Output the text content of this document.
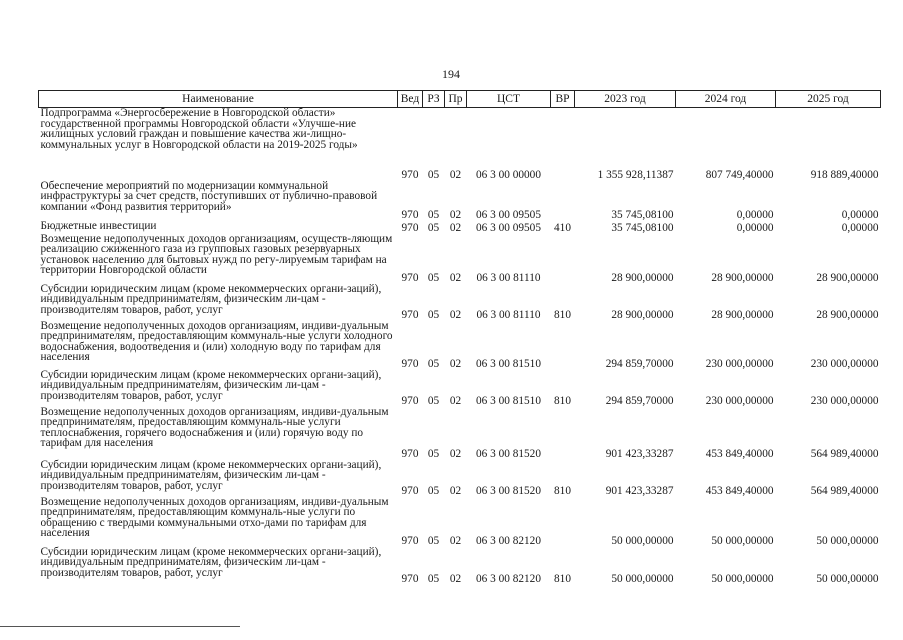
194
Наименование	Вед	РЗ	Пр	ЦСТ	ВР	2023 год	2024 год	2025 год
Подпрограмма «Энергосбережение в Новгородской области» государственной программы Новгородской области «Улучше-ние жилищных условий граждан и повышение качества жи-лищно-коммунальных услуг в Новгородской области на 2019-2025 годы»	970	05	02	06 3 00 00000		1 355 928,11387	807 749,40000	918 889,40000
Обеспечение мероприятий по модернизации коммунальной инфраструктуры за счет средств, поступивших от публично-правовой компании «Фонд развития территорий»	970	05	02	06 3 00 09505		35 745,08100	0,00000	0,00000
Бюджетные инвестиции	970	05	02	06 3 00 09505	410	35 745,08100	0,00000	0,00000
Возмещение недополученных доходов организациям, осуществ-ляющим реализацию сжиженного газа из групповых газовых резервуарных установок населению для бытовых нужд по регу-лируемым тарифам на территории Новгородской области	970	05	02	06 3 00 81110		28 900,00000	28 900,00000	28 900,00000
Субсидии юридическим лицам (кроме некоммерческих органи-заций), индивидуальным предпринимателям, физическим ли-цам - производителям товаров, работ, услуг	970	05	02	06 3 00 81110	810	28 900,00000	28 900,00000	28 900,00000
Возмещение недополученных доходов организациям, индиви-дуальным предпринимателям, предоставляющим коммуналь-ные услуги холодного водоснабжения, водоотведения и (или) холодную воду по тарифам для населения	970	05	02	06 3 00 81510		294 859,70000	230 000,00000	230 000,00000
Субсидии юридическим лицам (кроме некоммерческих органи-заций), индивидуальным предпринимателям, физическим ли-цам - производителям товаров, работ, услуг	970	05	02	06 3 00 81510	810	294 859,70000	230 000,00000	230 000,00000
Возмещение недополученных доходов организациям, индиви-дуальным предпринимателям, предоставляющим коммуналь-ные услуги теплоснабжения, горячего водоснабжения и (или) горячую воду по тарифам для населения	970	05	02	06 3 00 81520		901 423,33287	453 849,40000	564 989,40000
Субсидии юридическим лицам (кроме некоммерческих органи-заций), индивидуальным предпринимателям, физическим ли-цам - производителям товаров, работ, услуг	970	05	02	06 3 00 81520	810	901 423,33287	453 849,40000	564 989,40000
Возмещение недополученных доходов организациям, индиви-дуальным предпринимателям, предоставляющим коммуналь-ные услуги по обращению с твердыми коммунальными отхо-дами по тарифам для населения	970	05	02	06 3 00 82120		50 000,00000	50 000,00000	50 000,00000
Субсидии юридическим лицам (кроме некоммерческих органи-заций), индивидуальным предпринимателям, физическим ли-цам - производителям товаров, работ, услуг	970	05	02	06 3 00 82120	810	50 000,00000	50 000,00000	50 000,00000
